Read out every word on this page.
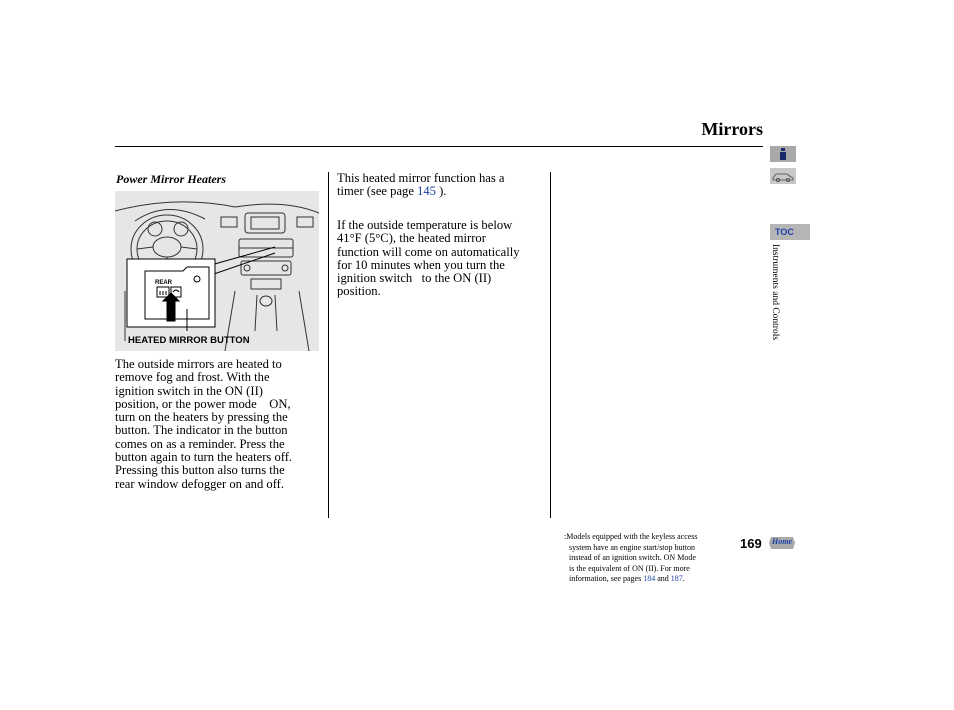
Mirrors
Power Mirror Heaters
REAR
HEATED MIRROR BUTTON
The outside mirrors are heated to
remove fog and frost. With the
ignition switch in the ON (II)
position, or the power mode    ON,
turn on the heaters by pressing the
button. The indicator in the button
comes on as a reminder. Press the
button again to turn the heaters off.
Pressing this button also turns the
rear window defogger on and off.
This heated mirror function has a
timer (see page 145 ).
If the outside temperature is below
41°F (5°C), the heated mirror
function will come on automatically
for 10 minutes when you turn the
ignition switch   to the ON (II)
position.
TOC
Instruments and Controls
:Models equipped with the keyless access
system have an engine start/stop button
instead of an ignition switch. ON Mode
is the equivalent of ON (II). For more
information, see pages 184 and 187.
169 Home
